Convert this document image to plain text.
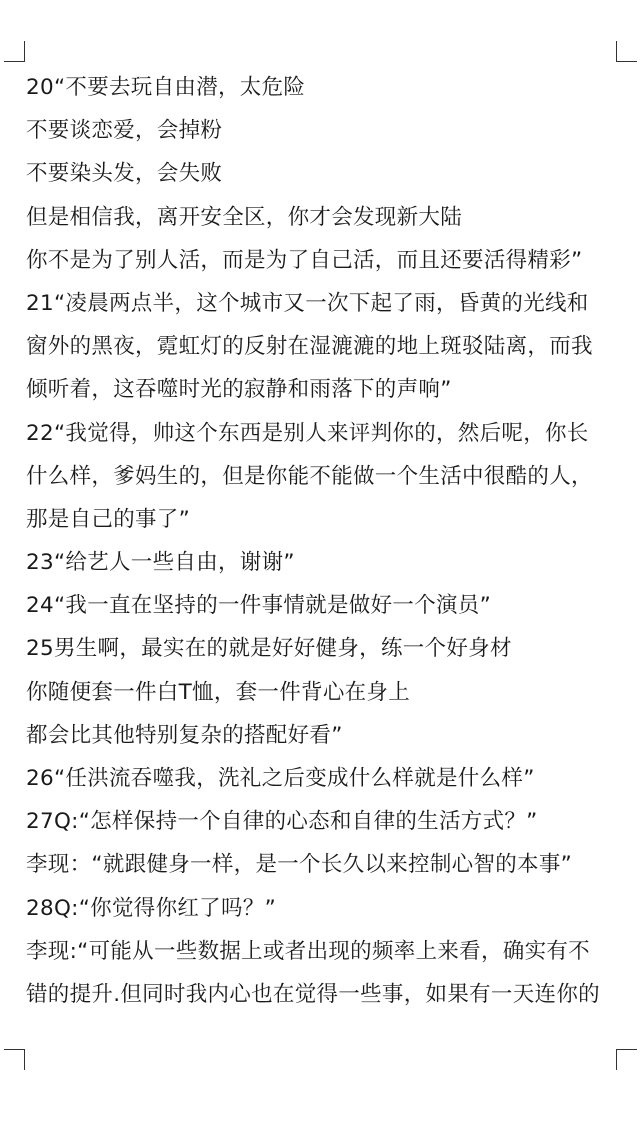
20“不要去玩自由潜，太危险
不要谈恋爱，会掉粉
不要染头发，会失败
但是相信我，离开安全区，你才会发现新大陆
你不是为了别人活，而是为了自己活，而且还要活得精彩”
21“凌晨两点半，这个城市又一次下起了雨，昏黄的光线和
窗外的黑夜，霓虹灯的反射在湿漉漉的地上斑驳陆离，而我
倾听着，这吞噬时光的寂静和雨落下的声响”
22“我觉得，帅这个东西是别人来评判你的，然后呢，你长
什么样，爹妈生的，但是你能不能做一个生活中很酷的人，
那是自己的事了”
23“给艺人一些自由，谢谢”
24“我一直在坚持的一件事情就是做好一个演员”
25男生啊，最实在的就是好好健身，练一个好身材
你随便套一件白T恤，套一件背心在身上
都会比其他特别复杂的搭配好看”
26“任洪流吞噬我，洗礼之后变成什么样就是什么样”
27Q:“怎样保持一个自律的心态和自律的生活方式？”
李现：“就跟健身一样，是一个长久以来控制心智的本事”
28Q:“你觉得你红了吗？”
李现:“可能从一些数据上或者出现的频率上来看，确实有不
错的提升.但同时我内心也在觉得一些事，如果有一天连你的
